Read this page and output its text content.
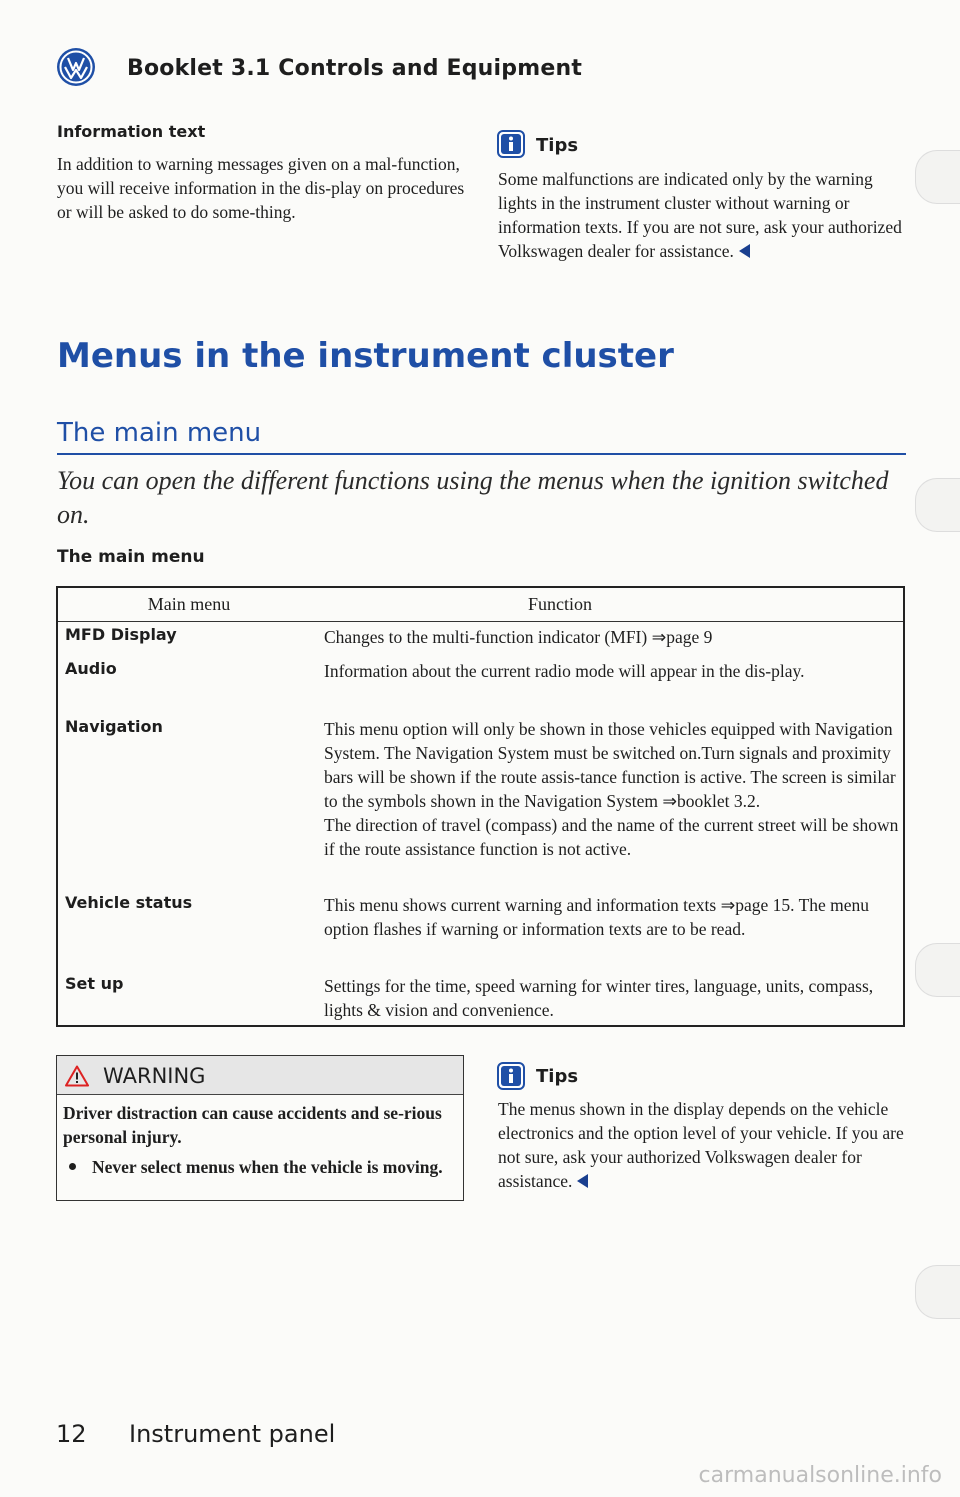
Booklet 3.1 Controls and Equipment
Information text
In addition to warning messages given on a mal-function, you will receive information in the dis-play on procedures or will be asked to do some-thing.
Tips
Some malfunctions are indicated only by the warning lights in the instrument cluster without warning or information texts. If you are not sure, ask your authorized Volkswagen dealer for assistance.
Menus in the instrument cluster
The main menu
You can open the different functions using the menus when the ignition switched on.
The main menu
Main menu	Function
MFD Display	Changes to the multi-function indicator (MFI) ⇒page 9
Audio	Information about the current radio mode will appear in the dis-play.
Navigation	This menu option will only be shown in those vehicles equipped with Navigation System. The Navigation System must be switched on.Turn signals and proximity bars will be shown if the route assis-tance function is active. The screen is similar to the symbols shown in the Navigation System ⇒booklet 3.2.
The direction of travel (compass) and the name of the current street will be shown if the route assistance function is not active.
Vehicle status	This menu shows current warning and information texts ⇒page 15. The menu option flashes if warning or information texts are to be read.
Set up	Settings for the time, speed warning for winter tires, language, units, compass, lights & vision and convenience.
WARNING
Driver distraction can cause accidents and se-rious personal injury.
Never select menus when the vehicle is moving.
Tips
The menus shown in the display depends on the vehicle electronics and the option level of your vehicle. If you are not sure, ask your authorized Volkswagen dealer for assistance.
12 Instrument panel
carmanualsonline.info
